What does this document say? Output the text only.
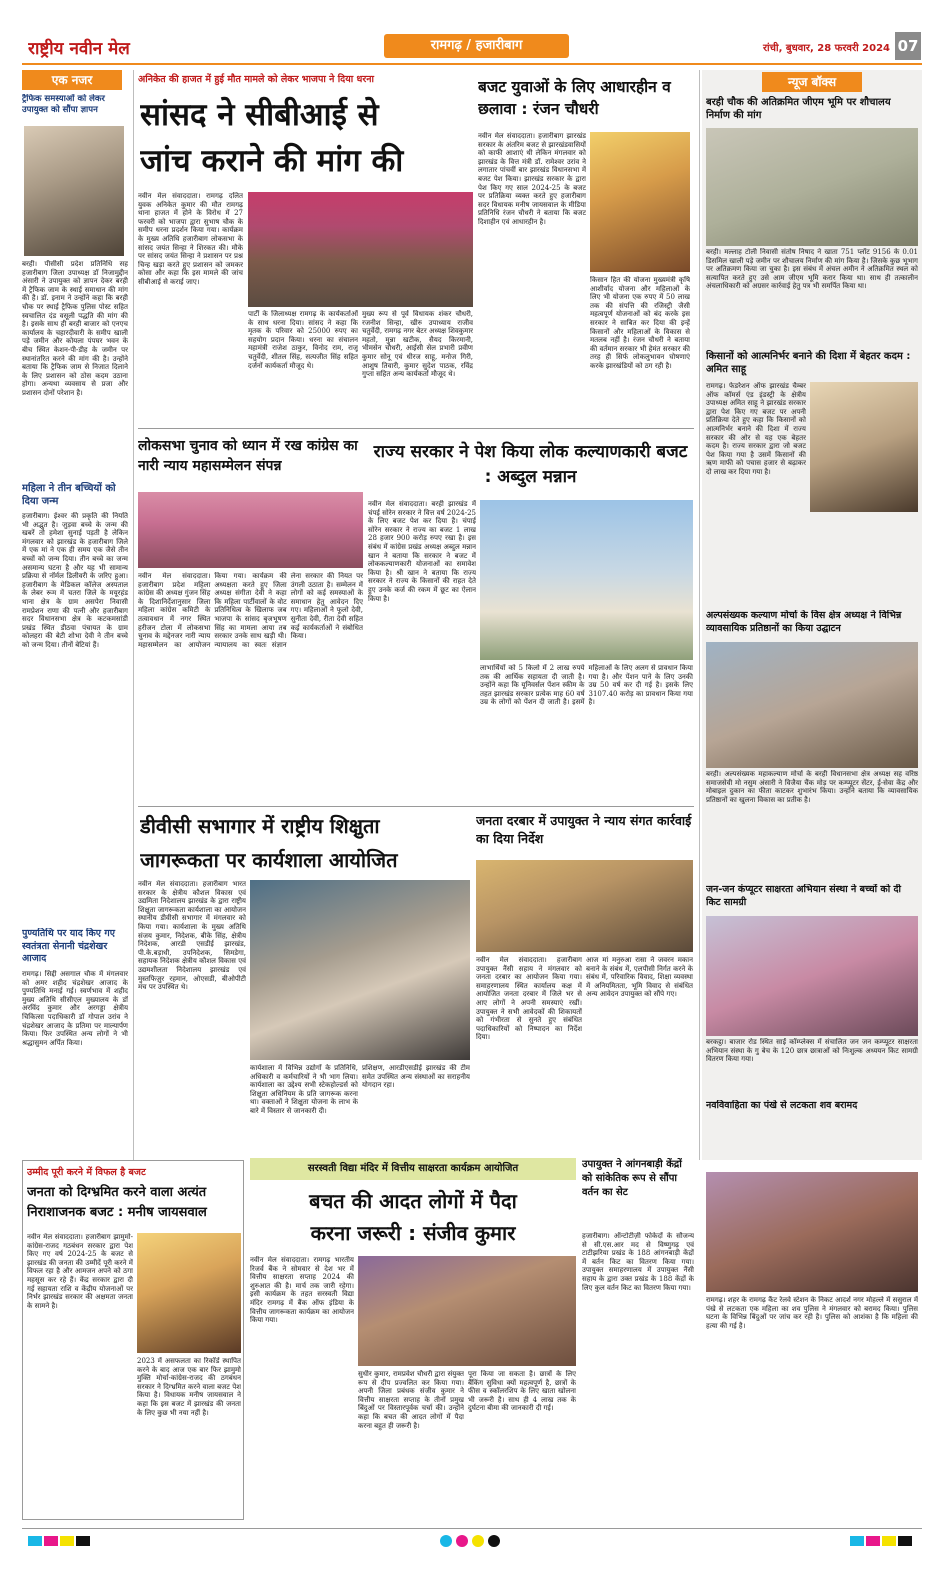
राष्ट्रीय नवीन मेल	रामगढ़ / हजारीबाग	रांची, बुधवार, 28 फरवरी 2024 07
एक नजर
ट्रैफिक समस्याओं को लेकर उपायुक्त को सौंपा ज्ञापन
बरही। पीसीसी प्रदेश प्रतिनिधि सह हजारीबाग जिला उपाध्यक्ष डॉ निजामुद्दीन अंसारी ने उपायुक्त को ज्ञापन देकर बरही में ट्रैफिक जाम के स्थाई समाधान की मांग की है। डॉ. इनाम ने उन्होंने कहा कि बरही चौक पर स्थाई ट्रैफिक पुलिस पोस्ट सहित स्वचालित दंड वसूली पद्धति की मांग की है। इसके साथ ही बरही बाजार को एनएच कार्यालय के चहारदीवारी के समीप खाली पड़े जमीन और कोयला पंपघर भवन के बीच स्थित केशन-पी-डीह के जमीन पर स्थानांतरित करने की मांग की है। उन्होंने बताया कि ट्रैफिक जाम से निजात दिलाने के लिए प्रशासन को ठोस कदम उठाना होगा। अन्यथा व्यवसाय से प्रजा और प्रशासन दोनों परेशान है।
महिला ने तीन बच्चियों को दिया जन्म
हजारीबाग। ईश्वर की प्रकृति की नियति भी अद्भुत है। जुड़वा बच्चे के जन्म की खबरें तो हमेशा सुनाई पड़ती है लेकिन मंगलवार को झारखंड के हजारीबाग जिले में एक मां ने एक ही समय एक जैसे तीन बच्चों को जन्म दिया। तीन बच्चे का जन्म असमान्य घटना है और यह भी सामान्य प्रक्रिया से नॉर्मल डिलीवरी के जरिए हुआ। हजारीबाग के मेडिकल कॉलेज अस्पताल के लेबर रूम में चतरा जिले के मयूरहंड थाना क्षेत्र के ग्राम असपेरा निवासी रामप्रेशन राणा की पत्नी और हजारीबाग सदर विधानसभा क्षेत्र के कटकमसांडी प्रखंड स्थित डीठवा पंचायत के ग्राम कोलहरा की बेटी शोभा देवी ने तीन बच्चे को जन्म दिया। तीनों बेटियां हैं।
पुण्यतिथि पर याद किए गए स्वतंत्रता सेनानी चंद्रशेखर आजाद
रामगढ़। सिद्दी असगाल चौक में मंगलवार को अमर शहीद चंद्रशेखर आजाद के पुण्यतिथि मनाई गई। स्वर्णभाव में शहीद मुख्य अतिथि सीसीएल मुख्यालय के डॉ अरविंद कुमार और अरगड्डा क्षेत्रीय चिकित्सा पदाधिकारी डॉ गोपाल उरांव ने चंद्रशेखर आजाद के प्रतिमा पर माल्यार्पण किया। फिर उपस्थित अन्य लोगों ने भी श्रद्धासुमन अर्पित किया।
अनिकेत की हाजत में हुई मौत मामले को लेकर भाजपा ने दिया धरना
सांसद ने सीबीआई से
जांच कराने की मांग की
नवीन मेल संवाददाता। रामगढ़ दलित युवक अनिकेत कुमार की मौत रामगढ़ थाना हाजत में होने के विरोध में 27 फरवरी को भाजपा द्वारा सुभाष चौक के समीप धरना प्रदर्शन किया गया। कार्यक्रम के मुख्य अतिथि हजारीबाग लोकसभा के सांसद जयंत सिन्हा ने शिरकत की। मौके पर सांसद जयंत सिन्हा ने प्रशासन पर प्रश्न चिन्ह खड़ा करते हुए प्रशासन को जमकर कोसा और कहा कि इस मामले की जांच सीबीआई से कराई जाए।
पार्टी के जिलाध्यक्ष रामगढ़ के कार्यकर्ताओं के साथ धरना दिया। सांसद ने कहा कि मृतक के परिवार को 25000 रुपए का सहयोग प्रदान किया। धरना का संचालन महामंत्री राजेश ठाकुर, विनोद राम, राजू चतुर्वेदी, शीतल सिंह, सत्यजीत सिंह सहित दर्जनों कार्यकर्ता मौजूद थे।
मुख्य रूप से पूर्व विधायक शंकर चौधरी, रजनीश सिन्हा, खीरु उपाध्याय राजीव चतुर्वेदी, रामगढ़ नगर बेटर अध्यक्ष शिवकुमार महतो, मुन्ना खटीक, सैयद किरमानी, भीमसेन चौधरी, आईसी सेल प्रभारी प्रवीण कुमार सोनू एवं धीरज साहू, मनोज गिरी, आशुष तिवारी, कुमार सुदेश पाठक, रविंद्र गुप्ता सहित अन्य कार्यकर्ता मौजूद थे।
बजट युवाओं के लिए आधारहीन व छलावा : रंजन चौधरी
नवीन मेल संवाददाता। हजारीबाग झारखंड सरकार के अंतरिम बजट से झारखंडवासियों को काफी आशाएं थी लेकिन मंगलवार को झारखंड के वित्त मंत्री डॉ. रामेश्वर उरांव ने लगातार पांचवीं बार झारखंड विधानसभा में बजट पेश किया। झारखंड सरकार के द्वारा पेश किए गए साल 2024-25 के बजट पर प्रतिक्रिया व्यक्त करते हुए हजारीबाग सदर विधायक मनीष जायसवाल के मीडिया प्रतिनिधि रंजन चौधरी ने बताया कि बजट दिशाहीन एवं आधारहीन है।
किसान हित की योजना मुख्यमंत्री कृषि आशीर्वाद योजना और महिलाओं के लिए भी योजना एक रुपए में 50 लाख तक की संपत्ति की रजिस्ट्री जैसी महत्वपूर्ण योजनाओं को बंद करके इस सरकार ने साबित कर दिया की इन्हें किसानों और महिलाओं के विकास से मतलब नहीं है। रंजन चौधरी ने बताया की वर्तमान सरकार भी हेमंत सरकार की तरह ही सिर्फ लोकलुभावन घोषणाएं करके झारखंडियों को ठग रही है।
न्यूज बॉक्स
बरही चौक की अतिक्रमित जीएम भूमि पर शौचालय निर्माण की मांग
बरही। मल्लाह टोली निवासी संतोष निषाद ने खाता 751 प्लॉट 9156 के 0.01 डिसमिल खाली पड़े जमीन पर शौचालय निर्माण की मांग किया है। जिसके कुछ भूभाग पर अतिक्रमण किया जा चुका है। इस संबंध में अंचल अमीन ने अतिक्रमित स्थल को सत्यापित करते हुए उसे आम जीएम भूमि करार किया था। साथ ही तत्कालीन अंचलाधिकारी को अग्रसर कार्रवाई हेतु पत्र भी समर्पित किया था।
किसानों को आत्मनिर्भर बनाने की दिशा में बेहतर कदम : अमित साहू
रामगढ़। फेडरेशन ऑफ झारखंड चैम्बर ऑफ कॉमर्स एंड इंडस्ट्री के क्षेत्रीय उपाध्यक्ष अमित साहू ने झारखंड सरकार द्वारा पेश किए गए बजट पर अपनी प्रतिक्रिया देते हुए कहा कि किसानों को आत्मनिर्भर बनाने की दिशा में राज्य सरकार की ओर से यह एक बेहतर कदम है। राज्य सरकार द्वारा जो बजट पेश किया गया है उसमें किसानों की ऋण माफी को पचास हजार से बढ़ाकर दो लाख कर दिया गया है।
अल्पसंख्यक कल्याण मोर्चा के विस क्षेत्र अध्यक्ष ने विभिन्न व्यावसायिक प्रतिष्ठानों का किया उद्घाटन
बरही। अल्पसंख्यक महाकल्याण मोर्चा के बरही विधानसभा क्षेत्र अध्यक्ष सह वरिष्ठ समाजसेवी मो नसुम अंसारी ने विजैया चैंक मोड़ पर कम्प्यूटर सेंटर, ई-सेवा केंद्र और मोबाइल दुकान का फीता काटकर शुभारंभ किया। उन्होंने बताया कि व्यावसायिक प्रतिष्ठानों का खुलना विकास का प्रतीक है।
जन-जन कंप्यूटर साक्षरता अभियान संस्था ने बच्चों को दी किट सामग्री
बरकट्ठा। बाजार रोड स्थित साईं कॉम्प्लेक्स में संचालित जन जन कम्प्यूटर साक्षरता अभियान संस्था के गु बेच के 120 छात्र छात्राओं को निःशुल्क अध्ययन किट सामग्री वितरण किया गया।
नवविवाहिता का पंखे से लटकता शव बरामद
रामगढ़। शहर के रामगढ़ कैंट रेलवे स्टेशन के निकट आदर्श नगर मोहल्ले में ससुराल में पंखे से लटकता एक महिला का शव पुलिस ने मंगलवार को बरामद किया। पुलिस घटना के विभिन्न बिंदुओं पर जांच कर रही है। पुलिस को आशंका है कि महिला की हत्या की गई है।
लोकसभा चुनाव को ध्यान में रख कांग्रेस का नारी न्याय महासम्मेलन संपन्न
नवीन मेल संवाददाता। हजारीबाग प्रदेश महिला कांग्रेस की अध्यक्ष गुंजन सिंह के दिशानिर्देशानुसार जिला महिला कांग्रेस कमिटी के तत्वावधान में नगर स्थित हरीजन टोला में लोकसभा चुनाव के मद्देनजर नारी न्याय महासम्मेलन का आयोजन किया गया। कार्यक्रम की अध्यक्षता करते हुए जिला अध्यक्ष संगीता देवी ने कहा कि महिला पार्टीवालों के वोट प्रतिनिधित्व के खिलाफ जब भाजपा के सांसद बृजभूषण सिंह का मामला आया तब सरकार उनके साथ खड़ी थी। न्यायालय का स्वतः संज्ञान लेना सरकार की नियत पर उंगली उठाता है। सम्मेलन में लोगों को कई समस्याओं के समाधान हेतु आवेदन दिए गए। महिलाओं ने फूलो देवी, सुनीता देवी, रीता देवी सहित कई कार्यकर्ताओं ने संबोधित किया।
राज्य सरकार ने पेश किया लोक कल्याणकारी बजट : अब्दुल मन्नान
नवीन मेल संवाददाता। बरही झारखंड में चंपई सोरेन सरकार ने वित्त वर्ष 2024-25 के लिए बजट पेश कर दिया है। चंपाई सोरेन सरकार ने राज्य का बजट 1 लाख 28 हजार 900 करोड़ रुपए रखा है। इस संबंध में कांग्रेस प्रखंड अध्यक्ष अब्दुल मन्नान खान ने बताया कि सरकार ने बजट में लोककल्याणकारी योजनाओं का समावेश किया है। श्री खान ने बताया कि राज्य सरकार ने राज्य के किसानों की राहत देते हुए उनके कर्ज की रकम में छूट का ऐलान किया है।
लाभार्थियों को 5 किलो में 2 लाख रुपये तक की आर्थिक सहायता दी जाती है। उन्होंने कहा कि यूनिवर्सल पेंशन स्कीम के तहत झारखंड सरकार प्रत्येक माह 60 वर्ष उम्र के लोगों को पेंशन दी जाती है। इसमें महिलाओं के लिए अलग से प्रावधान किया गया है। और पेंशन पाने के लिए उनकी उम्र 50 वर्ष कर दी गई है। इसके लिए 3107.40 करोड़ का प्रावधान किया गया है।
डीवीसी सभागार में राष्ट्रीय शिक्षुता
जागरूकता पर कार्यशाला आयोजित
नवीन मेल संवाददाता। हजारीबाग भारत सरकार के क्षेत्रीय कौशल विकास एवं उद्यमिता निदेशालय झारखंड के द्वारा राष्ट्रीय शिक्षुता जागरूकता कार्यशाला का आयोजन स्थानीय डीवीसी सभागार में मंगलवार को किया गया। कार्यशाला के मुख्य अतिथि संजय कुमार, निदेशक, बीके सिंह, क्षेत्रीय निदेशक, आरडी एसडीई झारखंड, पी.के.बड़ाधी, उपनिदेशक, सिमडेगा, सहायक निदेशक क्षेत्रीय कौशल विकास एवं उद्यमशीलता निदेशालय झारखंड एवं मुस्तफिज़ुर रहमान, ओएसडी, बीओपीटी मंच पर उपस्थित थे।
कार्यशाला में विभिन्न उद्योगों के प्रतिनिधि, अधिकारी व कर्मचारियों ने भी भाग लिया। कार्यशाला का उद्देश्य सभी स्टेकहोल्डर्स को शिक्षुता अधिनियम के प्रति जागरूक करना था। वक्ताओं ने शिक्षुता योजना के लाभ के बारे में विस्तार से जानकारी दी।
प्रशिक्षण, आरडीएसडीई झारखंड की टीम समेत उपस्थित अन्य संस्थाओं का सराहनीय योगदान रहा।
जनता दरबार में उपायुक्त ने न्याय संगत कार्रवाई का दिया निर्देश
नवीन मेल संवाददाता। हजारीबाग उपायुक्त नैंसी सहाय ने मंगलवार को जनता दरबार का आयोजन किया गया। समाहरणालय स्थित कार्यालय कक्ष में आयोजित जनता दरबार में जिले भर से आए लोगों ने अपनी समस्याएं रखीं। उपायुक्त ने सभी आवेदकों की शिकायतों को गंभीरता से सुनते हुए संबंधित पदाधिकारियों को निष्पादन का निर्देश दिया।
आज मां मनुरुआ रासा ने जवरन मकान बनाने के संबंध में, एलपीसी निर्गत करने के संबंध में, परिवारिक विवाद, शिक्षा व्यवस्था में अनियमितता, भूमि विवाद से संबंधित अन्य आवेदन उपायुक्त को सौंपे गए।
उम्मीद पूरी करने में विफल है बजट
जनता को दिग्भ्रमित करने वाला अत्यंत निराशाजनक बजट : मनीष जायसवाल
नवीन मेल संवाददाता। हजारीबाग झामुमो-कांग्रेस-राजद गठबंधन सरकार द्वारा पेश किए गए वर्ष 2024-25 के बजट से झारखंड की जनता की उम्मीदें पूरी करने में विफल रहा है और आमजन अपने को ठगा महसूस कर रहे हैं। केंद्र सरकार द्वारा दी गई सहायता राशि व केंद्रीय योजनाओं पर निर्भर झारखंड सरकार की अक्षमता जनता के सामने है।
2023 में असफलता का रिकॉर्ड स्थापित करने के बाद आज एक बार फिर झामुमो मुक्ति मोर्चा-कांग्रेस-राजद की ठगबंधन सरकार ने दिग्भ्रमित करने वाला बजट पेश किया है। विधायक मनीष जायसवाल ने कहा कि इस बजट में झारखंड की जनता के लिए कुछ भी नया नहीं है।
सरस्वती विद्या मंदिर में वित्तीय साक्षरता कार्यक्रम आयोजित
बचत की आदत लोगों में पैदा
करना जरूरी : संजीव कुमार
नवीन मेल संवाददाता। रामगढ़ भारतीय रिजर्व बैंक ने सोमवार से देश भर में वित्तीय साक्षरता सप्ताह 2024 की शुरुआत की है। मार्च तक जारी रहेगा। इसी कार्यक्रम के तहत सरस्वती विद्या मंदिर रामगढ़ में बैंक ऑफ इंडिया के वित्तीय जागरूकता कार्यक्रम का आयोजन किया गया।
सुधीर कुमार, रामप्रवेश चौधरी द्वारा संयुक्त रूप से दीप प्रज्वलित कर किया गया। अपनी जिला प्रबंधक संजीव कुमार ने वित्तीय साक्षरता सप्ताह के तीनों प्रमुख बिंदुओं पर विस्तारपूर्वक चर्चा की। उन्होंने कहा कि बचत की आदत लोगों में पैदा करना बहुत ही जरूरी है।
पूरा किया जा सकता है। छात्रों के लिए बैंकिंग सुविधा क्यों महत्वपूर्ण है, छात्रों के फीस व स्कॉलरशिप के लिए खाता खोलना भी जरूरी है। साथ ही 4 लाख तक के दुर्घटना बीमा की जानकारी दी गई।
उपायुक्त ने आंगनबाड़ी केंद्रों को सांकेतिक रूप से सौंपा वर्तन का सेट
हजारीबाग। ऑन्टोटीज़ी फोकेदों के सौजन्य से सी.एस.आर मद से विष्णुगढ़ एवं टाटीझरिया प्रखंड के 188 आंगनबाड़ी केंद्रों में बर्तन किट का वितरण किया गया। उपायुक्त समाहरणालय में उपायुक्त नैंसी सहाय के द्वारा उक्त प्रखंड के 188 केंद्रों के लिए कुल वर्तन किट का वितरण किया गया।
